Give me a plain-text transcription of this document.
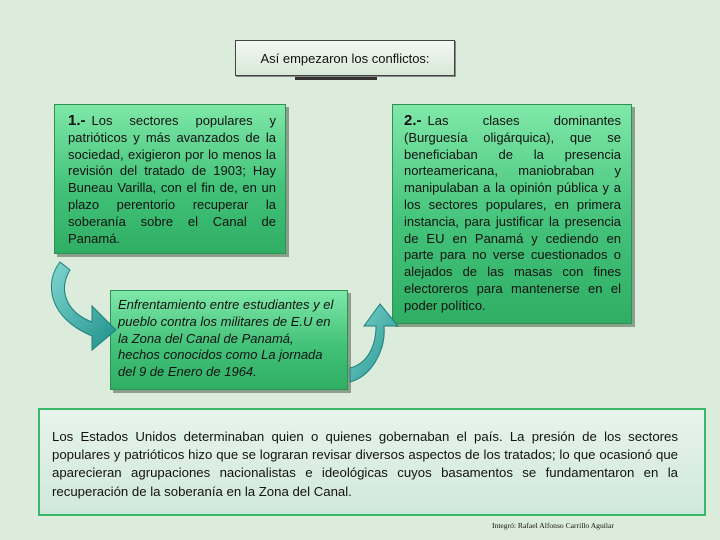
Así empezaron los conflictos:
1.- Los sectores populares y patrióticos y más avanzados de la sociedad, exigieron por lo menos la revisión del tratado de 1903; Hay Buneau Varilla, con el fin de, en un plazo perentorio recuperar la soberanía sobre el Canal de Panamá.
2.- Las clases dominantes (Burguesía oligárquica), que se beneficiaban de la presencia norteamericana, maniobraban y manipulaban a la opinión pública y a los sectores populares, en primera instancia, para justificar la presencia de EU en Panamá y cediendo en parte para no verse cuestionados o alejados de las masas con fines electoreros para mantenerse en el poder político.
Enfrentamiento entre estudiantes y el pueblo contra los militares de E.U en la Zona del Canal de Panamá, hechos conocidos como La jornada del 9 de Enero de 1964.
Los Estados Unidos determinaban quien o quienes gobernaban el país. La presión de los sectores populares y patrióticos hizo que se lograran revisar diversos aspectos de los tratados; lo que ocasionó que aparecieran agrupaciones nacionalistas e ideológicas cuyos basamentos se fundamentaron en la recuperación de la soberanía en la Zona del Canal.
Integró: Rafael Alfonso Carrillo Aguilar
